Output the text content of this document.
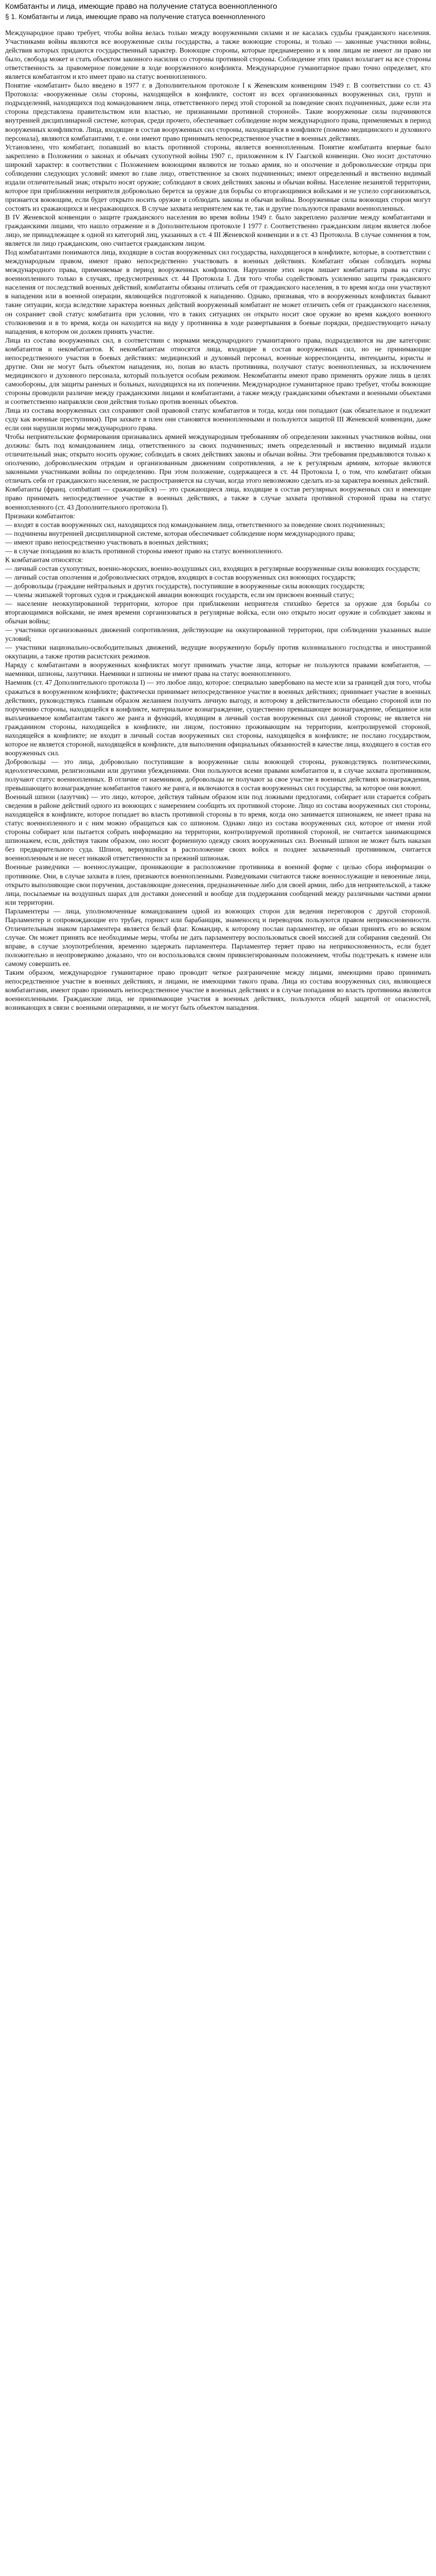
Комбатанты и лица, имеющие право на получение статуса военнопленного
§ 1. Комбатанты и лица, имеющие право на получение статуса военнопленного

Международное право требует, чтобы война велась только между вооруженными силами и не касалась судьбы гражданского населения. Участниками войны являются все вооруженные силы государства, а также воюющие стороны, и только — законные участники войны, действия которых придаются государственный характер. Воюющие стороны, которые преднамеренно и к ним лицам не имеют ли право ни было, свобода может и стать объектом законного насилия со стороны противной стороны. Соблюдение этих правил возлагает на все стороны ответственность за правомерное поведение в ходе вооруженного конфликта. Международное гуманитарное право точно определяет, кто является комбатантом и кто имеет право на статус военнопленного.

Понятие «комбатант» было введено в 1977 г. в Дополнительном протоколе I к Женевским конвенциям 1949 г. В соответствии со ст. 43 Протокола: «вооруженные силы стороны, находящейся в конфликте, состоят из всех организованных вооруженных сил, групп и подразделений, находящихся под командованием лица, ответственного перед этой стороной за поведение своих подчиненных, даже если эта сторона представлена правительством или властью, не признанными противной стороной». Такие вооруженные силы подчиняются внутренней дисциплинарной системе, которая, среди прочего, обеспечивает соблюдение норм международного права, применяемых в период вооруженных конфликтов. Лица, входящие в состав вооруженных сил стороны, находящейся в конфликте (помимо медицинского и духовного персонала), являются комбатантами, т. е. они имеют право принимать непосредственное участие в военных действиях.

Установлено, что комбатант, попавший во власть противной стороны, является военнопленным. Понятие комбатанта впервые было закреплено в Положении о законах и обычаях сухопутной войны 1907 г., приложенном к IV Гаагской конвенции. Оно носит достаточно широкий характер: в соответствии с Положением воюющими являются не только армия, но и ополчение и добровольческие отряды при соблюдении следующих условий: имеют во главе лицо, ответственное за своих подчиненных; имеют определенный и явственно видимый издали отличительный знак; открыто носят оружие; соблюдают в своих действиях законы и обычаи войны. Население незанятой территории, которое при приближении неприятеля добровольно берется за оружие для борьбы со вторгающимися войсками и не успело сорганизоваться, признается воюющим, если будет открыто носить оружие и соблюдать законы и обычаи войны. Вооруженные силы воюющих сторон могут состоять из сражающихся и несражающихся. В случае захвата неприятелем как те, так и другие пользуются правами военнопленных.

В IV Женевской конвенции о защите гражданского населения во время войны 1949 г. было закреплено различие между комбатантами и гражданскими лицами, что нашло отражение и в Дополнительном протоколе I 1977 г. Соответственно гражданским лицом является любое лицо, не принадлежащее к одной из категорий лиц, указанных в ст. 4 III Женевской конвенции и в ст. 43 Протокола. В случае сомнения в том, является ли лицо гражданским, оно считается гражданским лицом.

Под комбатантами понимаются лица, входящие в состав вооруженных сил государства, находящегося в конфликте, которые, в соответствии с международным правом, имеют право непосредственно участвовать в военных действиях. Комбатант обязан соблюдать нормы международного права, применяемые в период вооруженных конфликтов. Нарушение этих норм лишает комбатанта права на статус военнопленного только в случаях, предусмотренных ст. 44 Протокола I. Для того чтобы содействовать усилению защиты гражданского населения от последствий военных действий, комбатанты обязаны отличать себя от гражданского населения, в то время когда они участвуют в нападении или в военной операции, являющейся подготовкой к нападению. Однако, признавая, что в вооруженных конфликтах бывают такие ситуации, когда вследствие характера военных действий вооруженный комбатант не может отличить себя от гражданского населения, он сохраняет свой статус комбатанта при условии, что в таких ситуациях он открыто носит свое оружие во время каждого военного столкновения и в то время, когда он находится на виду у противника в ходе развертывания в боевые порядки, предшествующего началу нападения, в котором он должен принять участие.

Лица из состава вооруженных сил, в соответствии с нормами международного гуманитарного права, подразделяются на две категории: комбатантов и некомбатантов. К некомбатантам относятся лица, входящие в состав вооруженных сил, но не принимающие непосредственного участия в боевых действиях: медицинский и духовный персонал, военные корреспонденты, интенданты, юристы и другие. Они не могут быть объектом нападения, но, попав во власть противника, получают статус военнопленных, за исключением медицинского и духовного персонала, который пользуется особым режимом. Некомбатанты имеют право применять оружие лишь в целях самообороны, для защиты раненых и больных, находящихся на их попечении. Международное гуманитарное право требует, чтобы воюющие стороны проводили различие между гражданскими лицами и комбатантами, а также между гражданскими объектами и военными объектами и соответственно направляли свои действия только против военных объектов.

Лица из состава вооруженных сил сохраняют свой правовой статус комбатантов и тогда, когда они попадают (как обязательное и подлежит суду как военные преступники). При захвате в плен они становятся военнопленными и пользуются защитой III Женевской конвенции, даже если они нарушили нормы международного права.

Чтобы неприятельские формирования признавались армией международным требованиям об определении законных участников войны, они должны: быть под командованием лица, ответственного за своих подчиненных; иметь определенный и явственно видимый издали отличительный знак; открыто носить оружие; соблюдать в своих действиях законы и обычаи войны. Эти требования предъявляются только к ополчению, добровольческим отрядам и организованным движениям сопротивления, а не к регулярным армиям, которые являются законными участниками войны по определению. При этом положение, содержащееся в ст. 44 Протокола I, о том, что комбатант обязан отличать себя от гражданского населения, не распространяется на случаи, когда этого невозможно сделать из-за характера военных действий.

Комбатанты (франц. combattant — сражающийся) — это сражающиеся лица, входящие в состав регулярных вооруженных сил и имеющие право принимать непосредственное участие в военных действиях, а также в случае захвата противной стороной права на статус военнопленного (ст. 43 Дополнительного протокола I).

Признаки комбатантов:

— входят в состав вооруженных сил, находящихся под командованием лица, ответственного за поведение своих подчиненных;

— подчинены внутренней дисциплинарной системе, которая обеспечивает соблюдение норм международного права;

— имеют право непосредственно участвовать в военных действиях;

— в случае попадания во власть противной стороны имеют право на статус военнопленного.

К комбатантам относятся:

— личный состав сухопутных, военно-морских, военно-воздушных сил, входящих в регулярные вооруженные силы воюющих государств;

— личный состав ополчения и добровольческих отрядов, входящих в состав вооруженных сил воюющих государств;

— добровольцы (граждане нейтральных и других государств), поступившие в вооруженные силы воюющих государств;

— члены экипажей торговых судов и гражданской авиации воюющих государств, если им присвоен военный статус;

— население неоккупированной территории, которое при приближении неприятеля стихийно берется за оружие для борьбы со вторгающимися войсками, не имея времени сорганизоваться в регулярные войска, если оно открыто носит оружие и соблюдает законы и обычаи войны;

— участники организованных движений сопротивления, действующие на оккупированной территории, при соблюдении указанных выше условий;

— участники национально-освободительных движений, ведущие вооруженную борьбу против колониального господства и иностранной оккупации, а также против расистских режимов.

Наряду с комбатантами в вооруженных конфликтах могут принимать участие лица, которые не пользуются правами комбатантов, — наемники, шпионы, лазутчики. Наемники и шпионы не имеют права на статус военнопленного.

Наемник (ст. 47 Дополнительного протокола I) — это любое лицо, которое: специально завербовано на месте или за границей для того, чтобы сражаться в вооруженном конфликте; фактически принимает непосредственное участие в военных действиях; принимает участие в военных действиях, руководствуясь главным образом желанием получить личную выгоду, и которому в действительности обещано стороной или по поручению стороны, находящейся в конфликте, материальное вознаграждение, существенно превышающее вознаграждение, обещанное или выплачиваемое комбатантам такого же ранга и функций, входящим в личный состав вооруженных сил данной стороны; не является ни гражданином стороны, находящейся в конфликте, ни лицом, постоянно проживающим на территории, контролируемой стороной, находящейся в конфликте; не входит в личный состав вооруженных сил стороны, находящейся в конфликте; не послано государством, которое не является стороной, находящейся в конфликте, для выполнения официальных обязанностей в качестве лица, входящего в состав его вооруженных сил.

Добровольцы — это лица, добровольно поступившие в вооруженные силы воюющей стороны, руководствуясь политическими, идеологическими, религиозными или другими убеждениями. Они пользуются всеми правами комбатантов и, в случае захвата противником, получают статус военнопленных. В отличие от наемников, добровольцы не получают за свое участие в военных действиях вознаграждения, превышающего вознаграждение комбатантов такого же ранга, и включаются в состав вооруженных сил государства, за которое они воюют.

Военный шпион (лазутчик) — это лицо, которое, действуя тайным образом или под ложными предлогами, собирает или старается собрать сведения в районе действий одного из воюющих с намерением сообщить их противной стороне. Лицо из состава вооруженных сил стороны, находящейся в конфликте, которое попадает во власть противной стороны в то время, когда оно занимается шпионажем, не имеет права на статус военнопленного и с ним можно обращаться как со шпионом. Однако лицо из состава вооруженных сил, которое от имени этой стороны собирает или пытается собрать информацию на территории, контролируемой противной стороной, не считается занимающимся шпионажем, если, действуя таким образом, оно носит форменную одежду своих вооруженных сил. Военный шпион не может быть наказан без предварительного суда. Шпион, вернувшийся в расположение своих войск и позднее захваченный противником, считается военнопленным и не несет никакой ответственности за прежний шпионаж.

Военные разведчики — военнослужащие, проникающие в расположение противника в военной форме с целью сбора информации о противнике. Они, в случае захвата в плен, признаются военнопленными. Разведчиками считаются также военнослужащие и невоенные лица, открыто выполняющие свои поручения, доставляющие донесения, предназначенные либо для своей армии, либо для неприятельской, а также лица, посылаемые на воздушных шарах для доставки донесений и вообще для поддержания сообщений между различными частями армии или территории.

Парламентеры — лица, уполномоченные командованием одной из воюющих сторон для ведения переговоров с другой стороной. Парламентер и сопровождающие его трубач, горнист или барабанщик, знаменосец и переводчик пользуются правом неприкосновенности. Отличительным знаком парламентера является белый флаг. Командир, к которому послан парламентер, не обязан принять его во всяком случае. Он может принять все необходимые меры, чтобы не дать парламентеру воспользоваться своей миссией для собирания сведений. Он вправе, в случае злоупотребления, временно задержать парламентера. Парламентер теряет право на неприкосновенность, если будет положительно и неопровержимо доказано, что он воспользовался своим привилегированным положением, чтобы подстрекать к измене или самому совершить ее.

Таким образом, международное гуманитарное право проводит четкое разграничение между лицами, имеющими право принимать непосредственное участие в военных действиях, и лицами, не имеющими такого права. Лица из состава вооруженных сил, являющиеся комбатантами, имеют право принимать непосредственное участие в военных действиях и в случае попадания во власть противника являются военнопленными. Гражданские лица, не принимающие участия в военных действиях, пользуются общей защитой от опасностей, возникающих в связи с военными операциями, и не могут быть объектом нападения.
